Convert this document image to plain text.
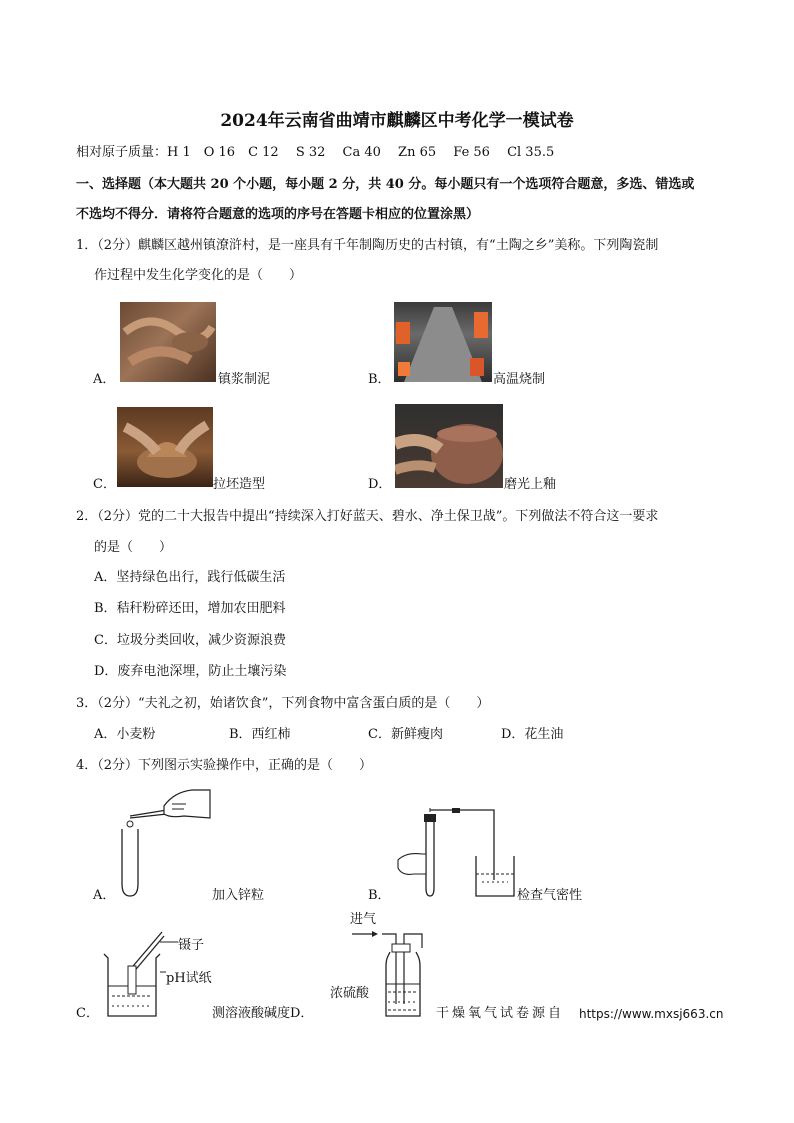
2024年云南省曲靖市麒麟区中考化学一模试卷
相对原子质量：H 1　O 16　C 12　 S 32　 Ca 40　 Zn 65　 Fe 56　 Cl 35.5
一、选择题（本大题共 20 个小题，每小题 2 分，共 40 分。每小题只有一个选项符合题意，多选、错选或
不选均不得分．请将符合题意的选项的序号在答题卡相应的位置涂黑）
1．（2分）麒麟区越州镇潦浒村，是一座具有千年制陶历史的古村镇，有“土陶之乡”美称。下列陶瓷制
作过程中发生化学变化的是（　　）
A．	镇浆制泥	B．	高温烧制
C．	拉坯造型	D．	磨光上釉
2．（2分）党的二十大报告中提出“持续深入打好蓝天、碧水、净土保卫战”。下列做法不符合这一要求
的是（　　）
A．坚持绿色出行，践行低碳生活
B．秸秆粉碎还田，增加农田肥料
C．垃圾分类回收，减少资源浪费
D．废弃电池深埋，防止土壤污染
3．（2分）“夫礼之初，始诸饮食”，下列食物中富含蛋白质的是（　　）
A．小麦粉	B．西红柿	C．新鲜瘦肉	D．花生油
4．（2分）下列图示实验操作中，正确的是（　　）
A．	加入锌粒	B．	检查气密性
镊子
pH试纸
C．	测溶液酸碱度D．
进气
浓硫酸
干燥氧气试卷源自 https://www.mxsj663.cn
